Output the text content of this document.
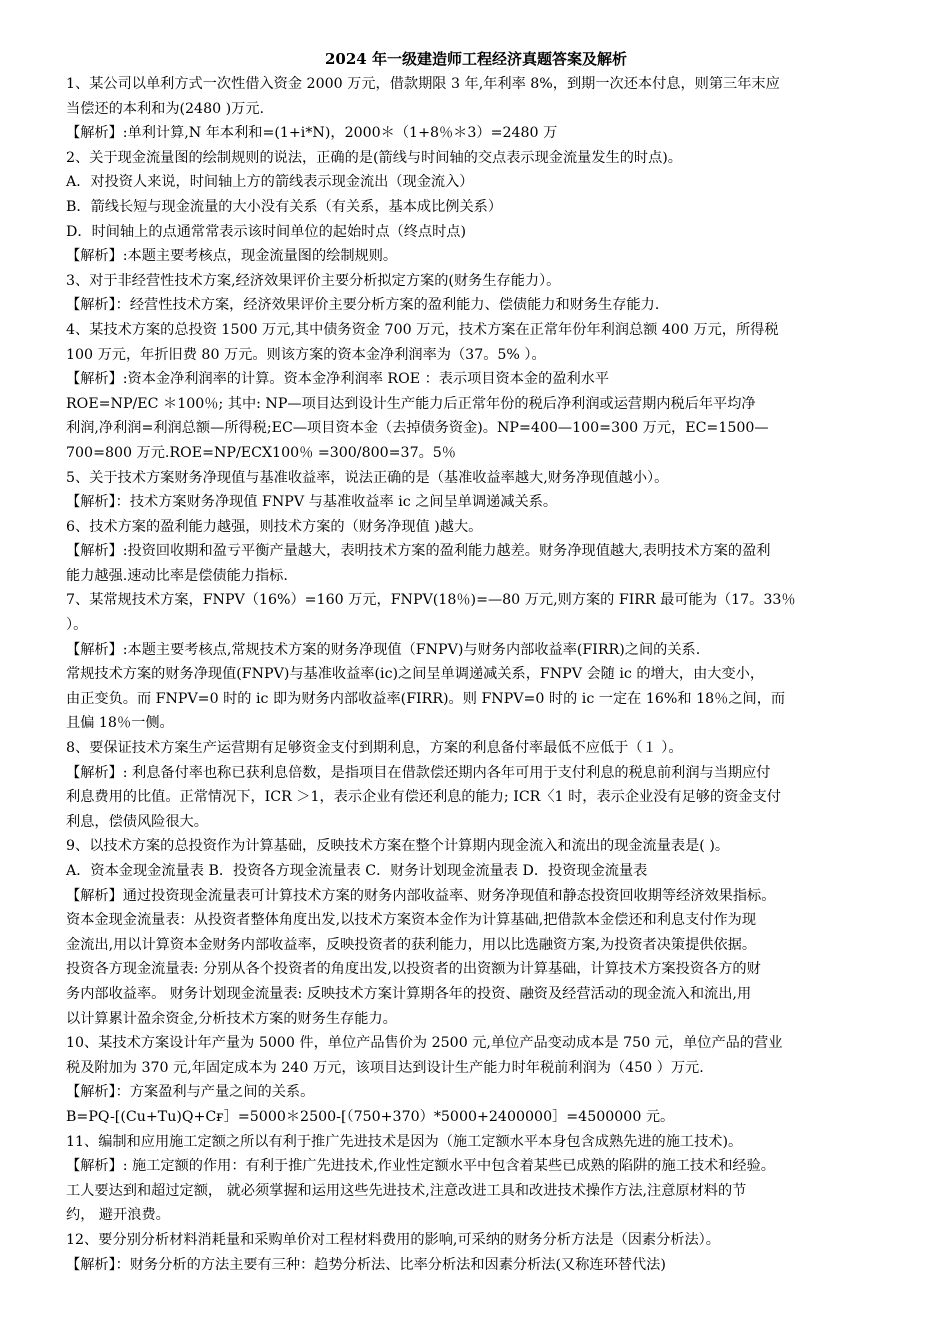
2024 年一级建造师工程经济真题答案及解析
1、某公司以单利方式一次性借入资金 2000 万元，借款期限 3 年,年利率 8%，到期一次还本付息，则第三年末应
当偿还的本利和为(2480 )万元.
【解析】:单利计算,N 年本利和=(1+i*N)，2000＊（1+8％＊3）=2480 万
2、关于现金流量图的绘制规则的说法，正确的是(箭线与时间轴的交点表示现金流量发生的时点)。
A．对投资人来说，时间轴上方的箭线表示现金流出（现金流入）
B．箭线长短与现金流量的大小没有关系（有关系，基本成比例关系）
D．时间轴上的点通常常表示该时间单位的起始时点（终点时点)
【解析】:本题主要考核点，现金流量图的绘制规则。
3、对于非经营性技术方案,经济效果评价主要分析拟定方案的(财务生存能力）。
【解析】：经营性技术方案，经济效果评价主要分析方案的盈利能力、偿债能力和财务生存能力.
4、某技术方案的总投资 1500 万元,其中债务资金 700 万元，技术方案在正常年份年利润总额 400 万元，所得税
100 万元，年折旧费 80 万元。则该方案的资本金净利润率为（37。5% ）。
【解析】:资本金净利润率的计算。资本金净利润率 ROE ：表示项目资本金的盈利水平
ROE=NP/EC ＊100％; 其中: NP—项目达到设计生产能力后正常年份的税后净利润或运营期内税后年平均净
利润,净利润=利润总额—所得税;EC—项目资本金（去掉债务资金)。NP=400—100=300 万元，EC=1500—
700=800 万元.ROE=NP/ECX100％ =300/800=37。5％
5、关于技术方案财务净现值与基准收益率，说法正确的是（基准收益率越大,财务净现值越小）。
【解析】：技术方案财务净现值 FNPV 与基准收益率 ic 之间呈单调递减关系。
6、技术方案的盈利能力越强，则技术方案的（财务净现值 )越大。
【解析】:投资回收期和盈亏平衡产量越大，表明技术方案的盈利能力越差。财务净现值越大,表明技术方案的盈利
能力越强.速动比率是偿债能力指标.
7、某常规技术方案，FNPV（16%）=160 万元，FNPV(18％)=—80 万元,则方案的 FIRR 最可能为（17。33％
）。
【解析】:本题主要考核点,常规技术方案的财务净现值（FNPV)与财务内部收益率(FIRR)之间的关系.
常规技术方案的财务净现值(FNPV)与基准收益率(ic)之间呈单调递减关系，FNPV 会随 ic 的增大，由大变小，
由正变负。而 FNPV=0 时的 ic 即为财务内部收益率(FIRR)。则 FNPV=0 时的 ic 一定在 16%和 18％之间，而
且偏 18％一侧。
8、要保证技术方案生产运营期有足够资金支付到期利息，方案的利息备付率最低不应低于（１ ）。
【解析】: 利息备付率也称已获利息倍数，是指项目在借款偿还期内各年可用于支付利息的税息前利润与当期应付
利息费用的比值。正常情况下，ICR ＞1，表示企业有偿还利息的能力; ICR〈1 时，表示企业没有足够的资金支付
利息，偿债风险很大。
9、以技术方案的总投资作为计算基础，反映技术方案在整个计算期内现金流入和流出的现金流量表是( )。
A．资本金现金流量表 B．投资各方现金流量表 C．财务计划现金流量表 D．投资现金流量表
【解析】通过投资现金流量表可计算技术方案的财务内部收益率、财务净现值和静态投资回收期等经济效果指标。
资本金现金流量表：从投资者整体角度出发,以技术方案资本金作为计算基础,把借款本金偿还和利息支付作为现
金流出,用以计算资本金财务内部收益率，反映投资者的获利能力，用以比选融资方案,为投资者决策提供依据。
投资各方现金流量表: 分别从各个投资者的角度出发,以投资者的出资额为计算基础，计算技术方案投资各方的财
务内部收益率。 财务计划现金流量表: 反映技术方案计算期各年的投资、融资及经营活动的现金流入和流出,用
以计算累计盈余资金,分析技术方案的财务生存能力。
10、某技术方案设计年产量为 5000 件，单位产品售价为 2500 元,单位产品变动成本是 750 元，单位产品的营业
税及附加为 370 元,年固定成本为 240 万元，该项目达到设计生产能力时年税前利润为（450 ）万元.
【解析】：方案盈利与产量之间的关系。
B=PQ-[(Cu+Tu)Q+Cғ］=5000＊2500-[（750+370）*5000+2400000］=4500000 元。
11、编制和应用施工定额之所以有利于推广先进技术是因为（施工定额水平本身包含成熟先进的施工技术)。
【解析】: 施工定额的作用：有利于推广先进技术,作业性定额水平中包含着某些已成熟的陷阱的施工技术和经验。
工人要达到和超过定额， 就必须掌握和运用这些先进技术,注意改进工具和改进技术操作方法,注意原材料的节
约， 避开浪费。
12、要分别分析材料消耗量和采购单价对工程材料费用的影响,可采纳的财务分析方法是（因素分析法）。
【解析】：财务分析的方法主要有三种：趋势分析法、比率分析法和因素分析法(又称连环替代法)
